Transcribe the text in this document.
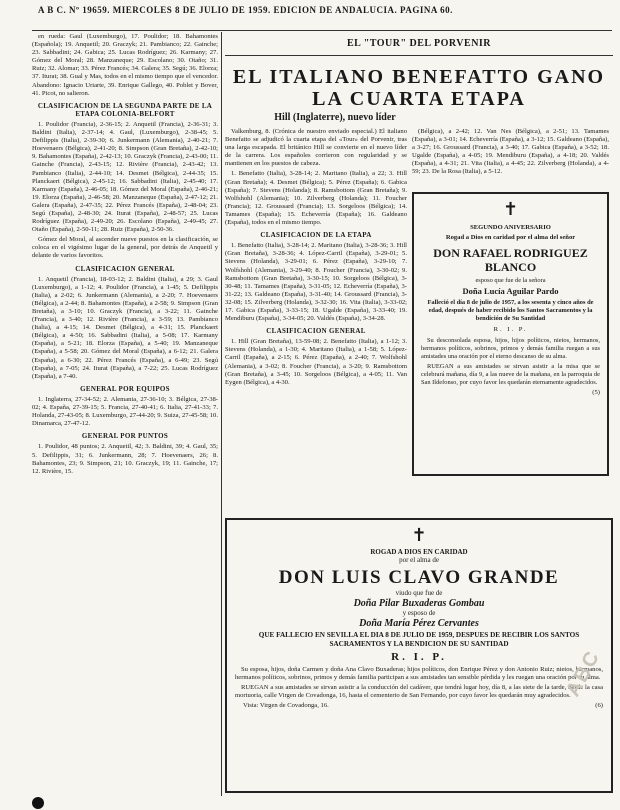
A B C. Nº 19659. MIERCOLES 8 DE JULIO DE 1959. EDICION DE ANDALUCIA. PAGINA 60.

en rueda: Gaul (Luxemburgo), 17. Poulidor; 18. Bahamontes (Española); 19. Anquetil; 20. Graczyk; 21. Pambianco; 22. Gainche; 23. Sabbadini; 24. Gabica; 25. Lucas Rodríguez; 26. Karmany; 27. Gómez del Moral; 28. Manzaneque; 29. Escolano; 30. Otaño; 31. Ruiz; 32. Alomar; 33. Pérez Francés; 34. Galera; 35. Segú; 36. Elorza; 37. Iturat; 38. Gual y Mas, todos en el mismo tiempo que el vencedor. Abandono: Ignacio Uriarte, 39. Enrique Gallego, 40. Poblet y Bover, 41. Picot, no salieron.

CLASIFICACION DE LA SEGUNDA PARTE DE LA ETAPA COLONIA-BELFORT

1. Poulidor (Francia), 2-36-15; 2. Anquetil (Francia), 2-36-31; 3. Baldini (Italia), 2-37-14; 4. Gaul, (Luxemburgo), 2-38-45; 5. Defilippis (Italia), 2-39-30; 6. Junkermann (Alemania), 2-40-21; 7. Hoevenaers (Bélgica), 2-41-20; 8. Simpson (Gran Bretaña), 2-42-10; 9. Bahamontes (España), 2-42-13; 10. Graczyk (Francia), 2-43-00; 11. Gainche (Francia), 2-43-15; 12. Rivière (Francia), 2-43-42; 13. Pambianco (Italia), 2-44-10; 14. Desmet (Bélgica), 2-44-35; 15. Planckaert (Bélgica), 2-45-12; 16. Sabbadini (Italia), 2-45-40; 17. Karmany (España), 2-46-05; 18. Gómez del Moral (España), 2-46-21; 19. Elorza (España), 2-46-58; 20. Manzaneque (España), 2-47-12; 21. Galera (España), 2-47-35; 22. Pérez Francés (España), 2-48-04; 23. Segú (España), 2-48-30; 24. Iturat (España), 2-48-57; 25. Lucas Rodríguez (España), 2-49-20; 26. Escolano (España), 2-49-45; 27. Otaño (España), 2-50-11; 28. Ruiz (España), 2-50-36.

Gómez del Moral, al ascender nueve puestos en la clasificación, se coloca en el vigésimo lugar de la general, por detrás de Anquetil y delante de varios favoritos.

CLASIFICACION GENERAL

1. Anquetil (Francia), 18-03-12; 2. Baldini (Italia), a 29; 3. Gaul (Luxemburgo), a 1-12; 4. Poulidor (Francia), a 1-45; 5. Defilippis (Italia), a 2-02; 6. Junkermann (Alemania), a 2-20; 7. Hoevenaers (Bélgica), a 2-44; 8. Bahamontes (España), a 2-58; 9. Simpson (Gran Bretaña), a 3-10; 10. Graczyk (Francia), a 3-22; 11. Gainche (Francia), a 3-40; 12. Rivière (Francia), a 3-59; 13. Pambianco (Italia), a 4-15; 14. Desmet (Bélgica), a 4-31; 15. Planckaert (Bélgica), a 4-50; 16. Sabbadini (Italia), a 5-08; 17. Karmany (España), a 5-21; 18. Elorza (España), a 5-40; 19. Manzaneque (España), a 5-58; 20. Gómez del Moral (España), a 6-12; 21. Galera (España), a 6-30; 22. Pérez Francés (España), a 6-49; 23. Segú (España), a 7-05; 24. Iturat (España), a 7-22; 25. Lucas Rodríguez (España), a 7-40.

GENERAL POR EQUIPOS

1. Inglaterra, 27-34-52; 2. Alemania, 27-36-10; 3. Bélgica, 27-38-02; 4. España, 27-39-15; 5. Francia, 27-40-41; 6. Italia, 27-41-33; 7. Holanda, 27-43-05; 8. Luxemburgo, 27-44-20; 9. Suiza, 27-45-58; 10. Dinamarca, 27-47-12.

GENERAL POR PUNTOS

1. Poulidor, 48 puntos; 2. Anquetil, 42; 3. Baldini, 39; 4. Gaul, 35; 5. Defilippis, 31; 6. Junkermann, 28; 7. Hoevenaers, 26; 8. Bahamontes, 23; 9. Simpson, 21; 10. Graczyk, 19; 11. Gainche, 17; 12. Rivière, 15.

EL "TOUR" DEL PORVENIR
EL ITALIANO BENEFATTO GANO LA CUARTA ETAPA
Hill (Inglaterre), nuevo líder

Valkenburg, 8. (Crónica de nuestro enviado especial.) El italiano Benefatto se adjudicó la cuarta etapa del «Tour» del Porvenir, tras una larga escapada. El británico Hill se convierte en el nuevo líder de la carrera. Los españoles corrieron con regularidad y se mantienen en los puestos de cabeza.

1. Benefatto (Italia), 3-28-14; 2. Maritano (Italia), a 22; 3. Hill (Gran Bretaña); 4. Desmet (Bélgica); 5. Pérez (España); 6. Gabica (España); 7. Stevens (Holanda); 8. Ramsbottom (Gran Bretaña); 9. Wolfshohl (Alemania); 10. Zilverberg (Holanda); 11. Foucher (Francia); 12. Groussard (Francia); 13. Sorgeloos (Bélgica); 14. Tamames (España); 15. Echeverría (España); 16. Galdeano (España), todos en el mismo tiempo.

CLASIFICACION DE LA ETAPA

1. Benefatto (Italia), 3-28-14; 2. Maritano (Italia), 3-28-36; 3. Hill (Gran Bretaña), 3-28-36; 4. López-Carril (España), 3-29-01; 5. Stevens (Holanda), 3-29-01; 6. Pérez (España), 3-29-10; 7. Wolfshohl (Alemania), 3-29-40; 8. Foucher (Francia), 3-30-02; 9. Ramsbottom (Gran Bretaña), 3-30-15; 10. Sorgeloos (Bélgica), 3-30-48; 11. Tamames (España), 3-31-05; 12. Echeverría (España), 3-31-22; 13. Galdeano (España), 3-31-40; 14. Groussard (Francia), 3-32-08; 15. Zilverberg (Holanda), 3-32-30; 16. Vita (Italia), 3-33-02; 17. Gabica (España), 3-33-15; 18. Ugalde (España), 3-33-40; 19. Mendiburu (España), 3-34-05; 20. Valdés (España), 3-34-28.

CLASIFICACION GENERAL

1. Hill (Gran Bretaña), 13-59-08; 2. Benefatto (Italia), a 1-12; 3. Stevens (Holanda), a 1-30; 4. Maritano (Italia), a 1-58; 5. López-Carril (España), a 2-15; 6. Pérez (España), a 2-40; 7. Wolfshohl (Alemania), a 3-02; 8. Foucher (Francia), a 3-20; 9. Ramsbottom (Gran Bretaña), a 3-45; 10. Sorgeloos (Bélgica), a 4-05; 11. Van Eygen (Bélgica), a 4-30.

(Bélgica), a 2-42; 12. Van Nes (Bélgica), a 2-51; 13. Tamames (España), a 3-01; 14. Echeverría (España), a 3-12; 15. Galdeano (España), a 3-27; 16. Groussard (Francia), a 3-40; 17. Gabica (España), a 3-52; 18. Ugalde (España), a 4-05; 19. Mendiburu (España), a 4-18; 20. Valdés (España), a 4-31; 21. Vita (Italia), a 4-45; 22. Zilverberg (Holanda), a 4-59; 23. De la Rosa (Italia), a 5-12.

✝
SEGUNDO ANIVERSARIO
Rogad a Dios en caridad por el alma del señor
DON RAFAEL RODRIGUEZ BLANCO
esposo que fue de la señora
Doña Lucía Aguilar Pardo
Falleció el día 8 de julio de 1957, a los sesenta y cinco años de edad, después de haber recibido los Santos Sacramentos y la bendición de Su Santidad
R. I. P.

Su desconsolada esposa, hijos, hijos políticos, nietos, hermanos, hermanos políticos, sobrinos, primos y demás familia ruegan a sus amistades una oración por el eterno descanso de su alma.

RUEGAN a sus amistades se sirvan asistir a la misa que se celebrará mañana, día 9, a las nueve de la mañana, en la parroquia de San Ildefonso, por cuyo favor les quedarán eternamente agradecidos.

(5)
✝
ROGAD A DIOS EN CARIDAD
por el alma de
DON LUIS CLAVO GRANDE
viudo que fue de
Doña Pilar Buxaderas Gombau
y esposo de
Doña María Pérez Cervantes
QUE FALLECIO EN SEVILLA EL DIA 8 DE JULIO DE 1959, DESPUES DE RECIBIR LOS SANTOS SACRAMENTOS Y LA BENDICION DE SU SANTIDAD
R. I. P.

Su esposa, hijos, doña Carmen y doña Ana Clavo Buxaderas; hijos políticos, don Enrique Pérez y don Antonio Ruiz; nietos, hermanos, hermanos políticos, sobrinos, primos y demás familia participan a sus amistades tan sensible pérdida y les ruegan una oración por su alma.

RUEGAN a sus amistades se sirvan asistir a la conducción del cadáver, que tendrá lugar hoy, día 8, a las siete de la tarde, desde la casa mortuoria, calle Virgen de Covadonga, 16, hasta el cementerio de San Fernando, por cuyo favor les quedarán muy agradecidos.

Vista: Virgen de Covadonga, 16.	(6)
ABC
